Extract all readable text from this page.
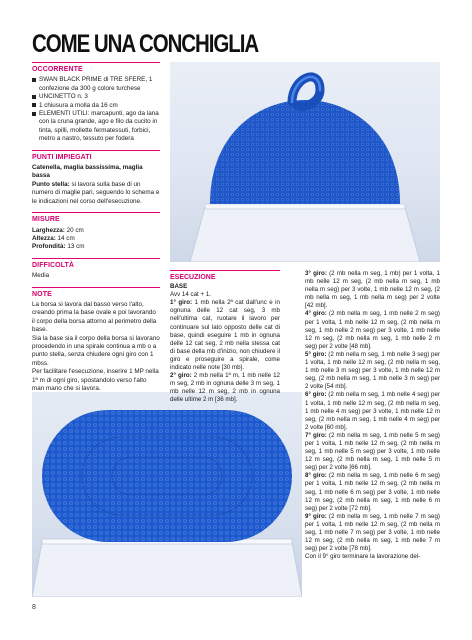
COME UNA CONCHIGLIA
OCCORRENTE
SWAN BLACK PRIME di TRE SFERE, 1 confezione da 300 g colore turchese
UNCINETTO n. 3
1 chiusura a molla da 16 cm
ELEMENTI UTILI: marcapunti, ago da lana con la cruna grande, ago e filo da cucito in tinta, spilli, mollette fermatessuti, forbici, metro a nastro, tessuto per fodera
PUNTI IMPIEGATI
Catenella, maglia bassissima, maglia bassa
Punto stella: si lavora sulla base di un numero di maglie pari, seguendo lo schema e le indicazioni nel corso dell'esecuzione.
MISURE
Larghezza: 20 cm
Altezza: 14 cm
Profondità: 13 cm
DIFFICOLTÀ
Media
NOTE
La borsa si lavora dal basso verso l'alto, creando prima la base ovale e poi lavorando il corpo della borsa attorno al perimetro della base.
Sia la base sia il corpo della borsa si lavorano procedendo in una spirale continua a mb o a punto stella, senza chiudere ogni giro con 1 mbss.
Per facilitare l'esecuzione, inserire 1 MP nella 1ª m di ogni giro, spostandolo verso l'alto man mano che si lavora.
ESECUZIONE
BASE
Avv 14 cat + 1.
1° giro: 1 mb nella 2ª cat dall'unc e in ognuna delle 12 cat seg, 3 mb nell'ultima cat, ruotare il lavoro per continuare sul lato opposto delle cat di base, quindi eseguire 1 mb in ognuna delle 12 cat seg, 2 mb nella stessa cat di base della mb d'inizio, non chiudere il giro e proseguire a spirale, come indicato nelle note [30 mb].
2° giro: 2 mb nella 1ª m, 1 mb nelle 12 m seg, 2 mb in ognuna delle 3 m seg, 1 mb nelle 12 m seg, 2 mb in ognuna delle ultime 2 m [36 mb].
3° giro: (2 mb nella m seg, 1 mb) per 1 volta, 1 mb nelle 12 m seg, (2 mb nella m seg, 1 mb nella m seg) per 3 volte, 1 mb nelle 12 m seg, (2 mb nella m seg, 1 mb nella m seg) per 2 volte [42 mb].
4° giro: (2 mb nella m seg, 1 mb nelle 2 m seg) per 1 volta, 1 mb nelle 12 m seg, (2 mb nella m seg, 1 mb nelle 2 m seg) per 3 volte, 1 mb nelle 12 m seg, (2 mb nella m seg, 1 mb nelle 2 m seg) per 2 volte [48 mb].
5° giro: (2 mb nella m seg, 1 mb nelle 3 seg) per 1 volta, 1 mb nelle 12 m seg, (2 mb nella m seg, 1 mb nelle 3 m seg) per 3 volte, 1 mb nelle 12 m seg, (2 mb nella m seg, 1 mb nelle 3 m seg) per 2 volte [54 mb].
6° giro: (2 mb nella m seg, 1 mb nelle 4 seg) per 1 volta, 1 mb nelle 12 m seg, (2 mb nella m seg, 1 mb nelle 4 m seg) per 3 volte, 1 mb nelle 12 m seg, (2 mb nella m seg, 1 mb nelle 4 m seg) per 2 volte [60 mb].
7° giro: (2 mb nella m seg, 1 mb nelle 5 m seg) per 1 volta, 1 mb nelle 12 m seg, (2 mb nella m seg, 1 mb nelle 5 m seg) per 3 volte, 1 mb nelle 12 m seg, (2 mb nella m seg, 1 mb nelle 5 m seg) per 2 volte [66 mb].
8° giro: (2 mb nella m seg, 1 mb nelle 6 m seg) per 1 volta, 1 mb nelle 12 m seg, (2 mb nella m seg, 1 mb nelle 6 m seg) per 3 volte, 1 mb nelle 12 m seg, (2 mb nella m seg, 1 mb nelle 6 m seg) per 2 volte [72 mb].
9° giro: (2 mb nella m seg, 1 mb nelle 7 m seg) per 1 volta, 1 mb nelle 12 m seg, (2 mb nella m seg, 1 mb nelle 7 m seg) per 3 volte, 1 mb nelle 12 m seg, (2 mb nella m seg, 1 mb nelle 7 m seg) per 2 volte [78 mb].
Con il 9° giro terminare la lavorazione del-
8
